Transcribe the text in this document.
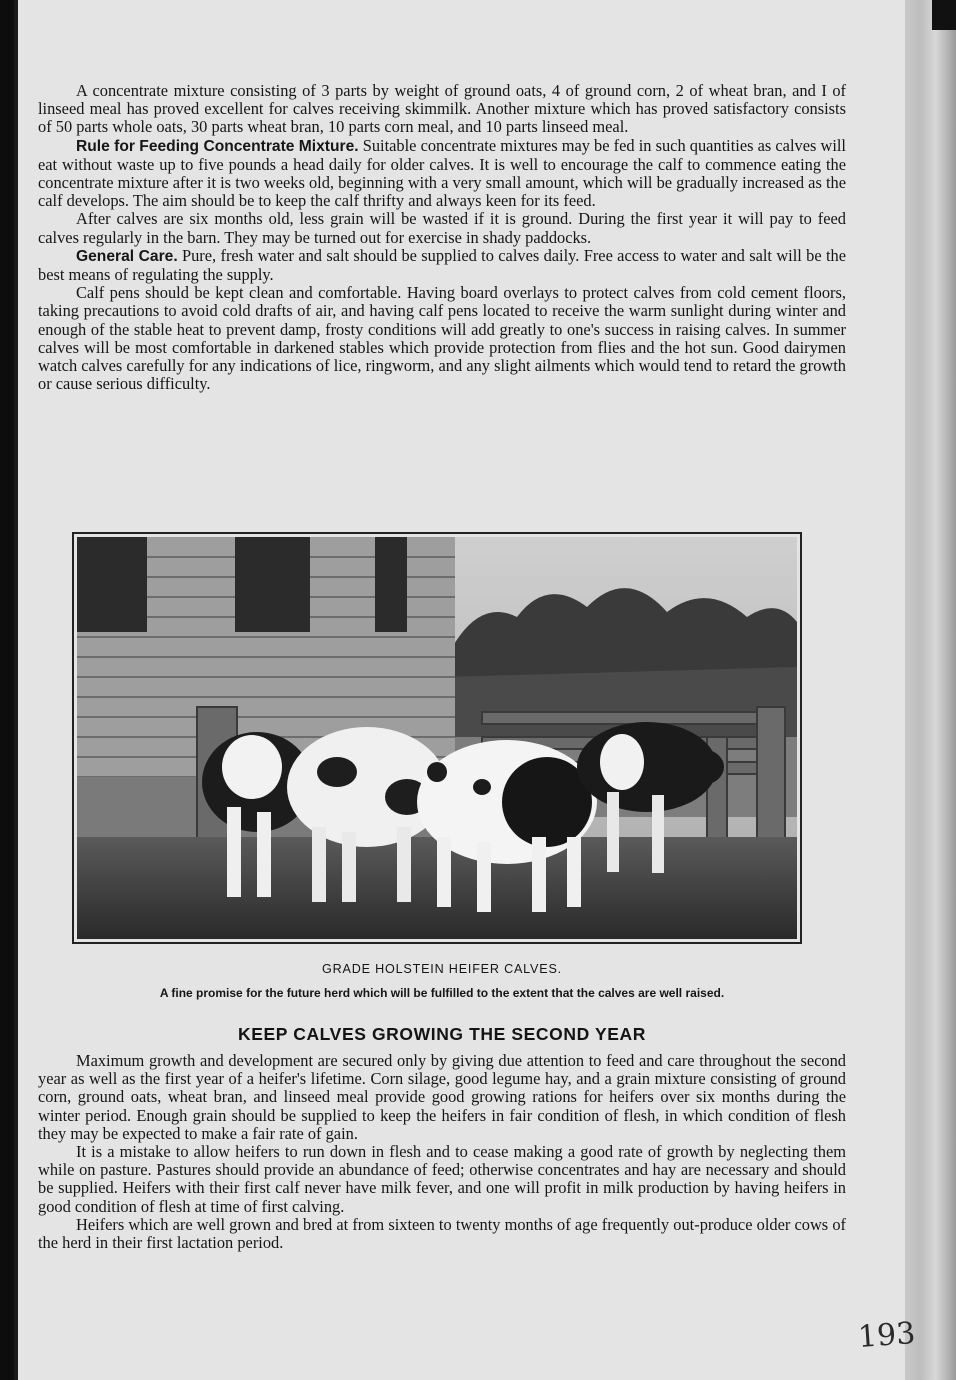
A concentrate mixture consisting of 3 parts by weight of ground oats, 4 of ground corn, 2 of wheat bran, and I of linseed meal has proved excellent for calves receiving skimmilk. Another mixture which has proved satisfactory consists of 50 parts whole oats, 30 parts wheat bran, 10 parts corn meal, and 10 parts linseed meal.

Rule for Feeding Concentrate Mixture. Suitable concentrate mixtures may be fed in such quantities as calves will eat without waste up to five pounds a head daily for older calves. It is well to encourage the calf to commence eating the concentrate mixture after it is two weeks old, beginning with a very small amount, which will be gradually increased as the calf develops. The aim should be to keep the calf thrifty and always keen for its feed.

After calves are six months old, less grain will be wasted if it is ground. During the first year it will pay to feed calves regularly in the barn. They may be turned out for exercise in shady paddocks.

General Care. Pure, fresh water and salt should be supplied to calves daily. Free access to water and salt will be the best means of regulating the supply.

Calf pens should be kept clean and comfortable. Having board overlays to protect calves from cold cement floors, taking precautions to avoid cold drafts of air, and having calf pens located to receive the warm sunlight during winter and enough of the stable heat to prevent damp, frosty conditions will add greatly to one's success in raising calves. In summer calves will be most comfortable in darkened stables which provide protection from flies and the hot sun. Good dairymen watch calves carefully for any indications of lice, ringworm, and any slight ailments which would tend to retard the growth or cause serious difficulty.

GRADE HOLSTEIN HEIFER CALVES.
A fine promise for the future herd which will be fulfilled to the extent that the calves are well raised.
KEEP CALVES GROWING THE SECOND YEAR

Maximum growth and development are secured only by giving due attention to feed and care throughout the second year as well as the first year of a heifer's lifetime. Corn silage, good legume hay, and a grain mixture consisting of ground corn, ground oats, wheat bran, and linseed meal provide good growing rations for heifers over six months during the winter period. Enough grain should be supplied to keep the heifers in fair condition of flesh, in which condition of flesh they may be expected to make a fair rate of gain.

It is a mistake to allow heifers to run down in flesh and to cease making a good rate of growth by neglecting them while on pasture. Pastures should provide an abundance of feed; otherwise concentrates and hay are necessary and should be supplied. Heifers with their first calf never have milk fever, and one will profit in milk production by having heifers in good condition of flesh at time of first calving.

Heifers which are well grown and bred at from sixteen to twenty months of age frequently out-produce older cows of the herd in their first lactation period.

193
